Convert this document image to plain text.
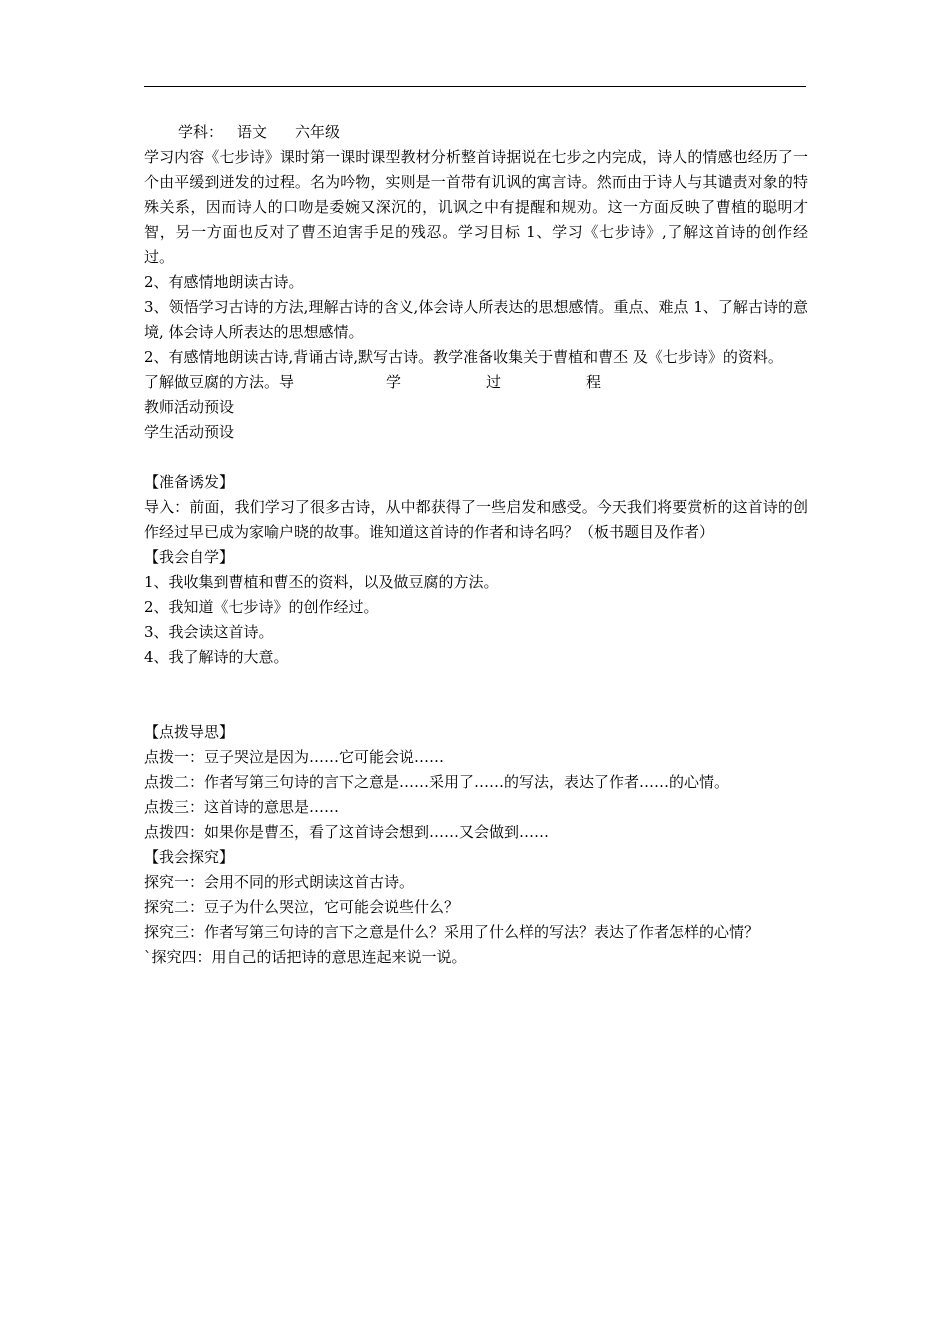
学科： 语文 六年级

学习内容《七步诗》课时第一课时课型教材分析整首诗据说在七步之内完成，诗人的情感也经历了一个由平缓到迸发的过程。名为吟物，实则是一首带有讥讽的寓言诗。然而由于诗人与其谴责对象的特殊关系，因而诗人的口吻是委婉又深沉的，讥讽之中有提醒和规劝。这一方面反映了曹植的聪明才智，另一方面也反对了曹丕迫害手足的残忍。学习目标 1、学习《七步诗》,了解这首诗的创作经过。

2、有感情地朗读古诗。

3、领悟学习古诗的方法,理解古诗的含义,体会诗人所表达的思想感情。重点、难点 1、了解古诗的意境, 体会诗人所表达的思想感情。

2、有感情地朗读古诗,背诵古诗,默写古诗。教学准备收集关于曹植和曹丕 及《七步诗》的资料。

了解做豆腐的方法。导	学	过	程

教师活动预设

学生活动预设

【准备诱发】

导入：前面，我们学习了很多古诗，从中都获得了一些启发和感受。今天我们将要赏析的这首诗的创作经过早已成为家喻户晓的故事。谁知道这首诗的作者和诗名吗？（板书题目及作者）

【我会自学】

1、我收集到曹植和曹丕的资料，以及做豆腐的方法。

2、我知道《七步诗》的创作经过。

3、我会读这首诗。

4、我了解诗的大意。

【点拨导思】

点拨一：豆子哭泣是因为……它可能会说……

点拨二：作者写第三句诗的言下之意是……采用了……的写法，表达了作者……的心情。

点拨三：这首诗的意思是……

点拨四：如果你是曹丕，看了这首诗会想到……又会做到……

【我会探究】

探究一：会用不同的形式朗读这首古诗。

探究二：豆子为什么哭泣，它可能会说些什么？

探究三：作者写第三句诗的言下之意是什么？采用了什么样的写法？表达了作者怎样的心情？

`探究四：用自己的话把诗的意思连起来说一说。
